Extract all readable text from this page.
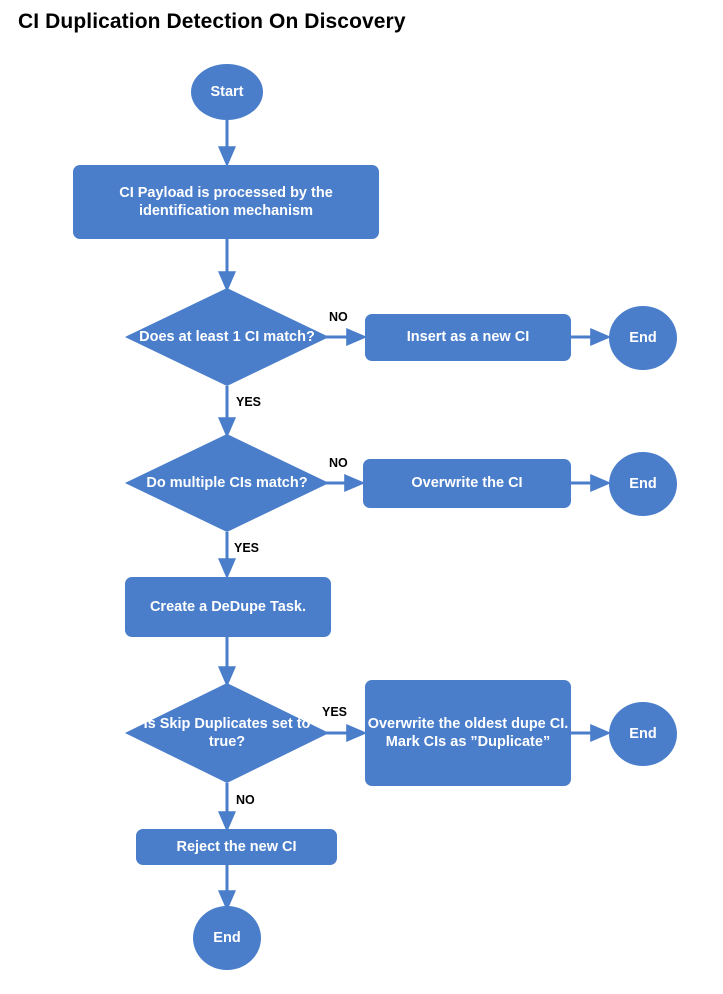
CI Duplication Detection On Discovery
Start
CI Payload is processed by the identification mechanism
Does at least 1 CI match?	Insert as a new CI	End
Do multiple CIs match?	Overwrite the CI	End
Create a DeDupe Task.
Is Skip Duplicates set to true?
Overwrite the oldest dupe CI. Mark CIs as ”Duplicate”
End
Reject the new CI
End
NO
YES
NO
YES
YES
NO
